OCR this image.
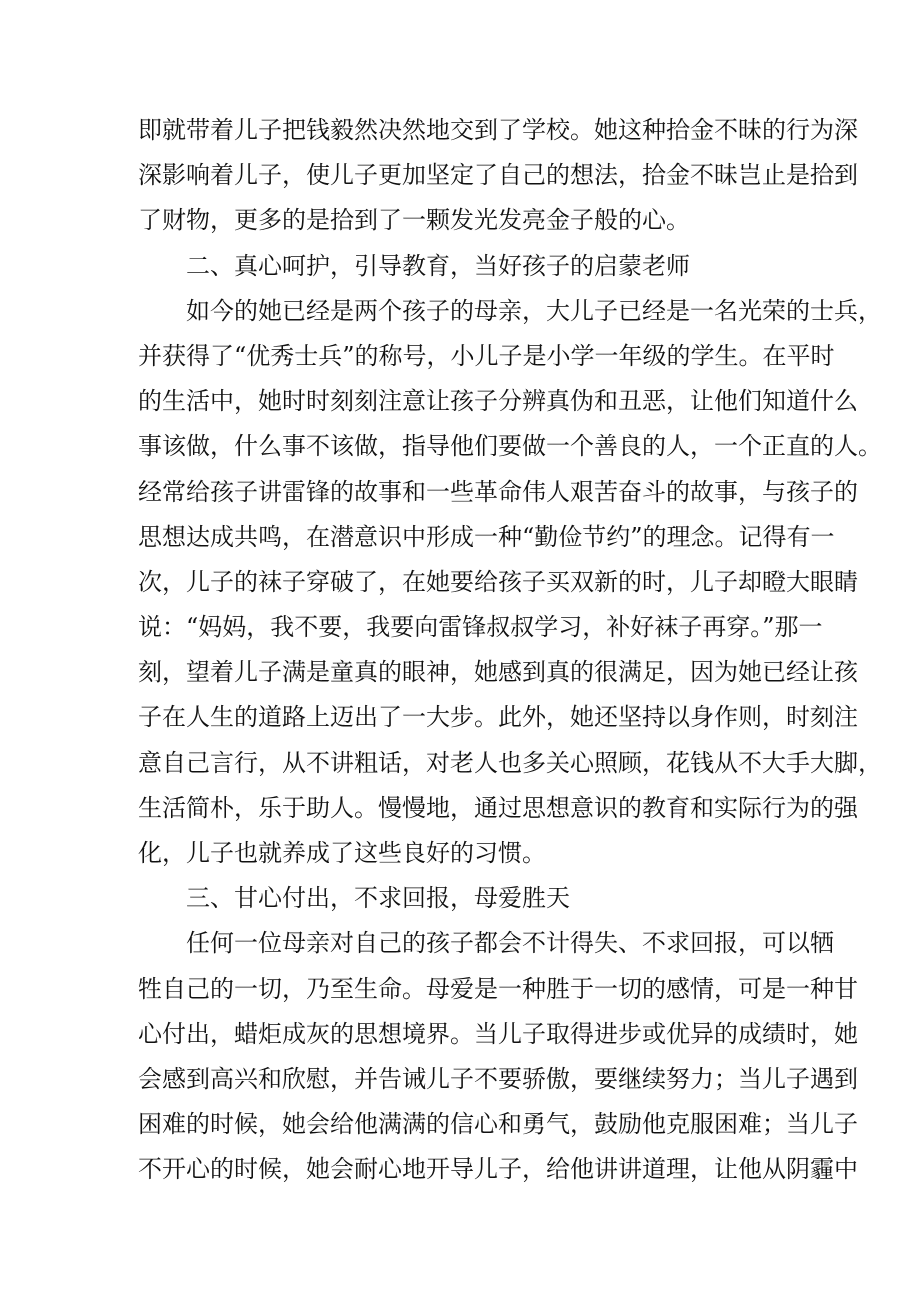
即就带着儿子把钱毅然决然地交到了学校。她这种拾金不昧的行为深
深影响着儿子，使儿子更加坚定了自己的想法，拾金不昧岂止是拾到
了财物，更多的是拾到了一颗发光发亮金子般的心。
二、真心呵护，引导教育，当好孩子的启蒙老师
如今的她已经是两个孩子的母亲，大儿子已经是一名光荣的士兵，
并获得了“优秀士兵”的称号，小儿子是小学一年级的学生。在平时
的生活中，她时时刻刻注意让孩子分辨真伪和丑恶，让他们知道什么
事该做，什么事不该做，指导他们要做一个善良的人，一个正直的人。
经常给孩子讲雷锋的故事和一些革命伟人艰苦奋斗的故事，与孩子的
思想达成共鸣，在潜意识中形成一种“勤俭节约”的理念。记得有一
次，儿子的袜子穿破了，在她要给孩子买双新的时，儿子却瞪大眼睛
说：“妈妈，我不要，我要向雷锋叔叔学习，补好袜子再穿。”那一
刻，望着儿子满是童真的眼神，她感到真的很满足，因为她已经让孩
子在人生的道路上迈出了一大步。此外，她还坚持以身作则，时刻注
意自己言行，从不讲粗话，对老人也多关心照顾，花钱从不大手大脚，
生活简朴，乐于助人。慢慢地，通过思想意识的教育和实际行为的强
化，儿子也就养成了这些良好的习惯。
三、甘心付出，不求回报，母爱胜天
任何一位母亲对自己的孩子都会不计得失、不求回报，可以牺
牲自己的一切，乃至生命。母爱是一种胜于一切的感情，可是一种甘
心付出，蜡炬成灰的思想境界。当儿子取得进步或优异的成绩时，她
会感到高兴和欣慰，并告诫儿子不要骄傲，要继续努力；当儿子遇到
困难的时候，她会给他满满的信心和勇气，鼓励他克服困难；当儿子
不开心的时候，她会耐心地开导儿子，给他讲讲道理，让他从阴霾中
